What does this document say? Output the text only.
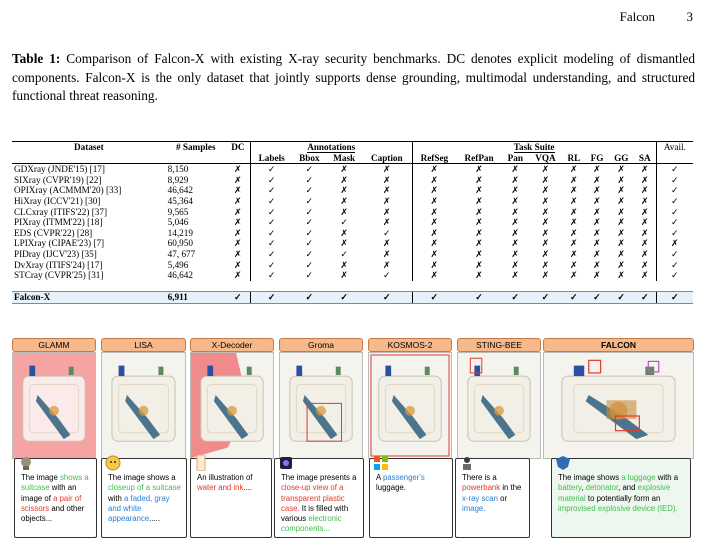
Falcon 3
Table 1: Comparison of Falcon-X with existing X-ray security benchmarks. DC denotes explicit modeling of dismantled components. Falcon-X is the only dataset that jointly supports dense grounding, multimodal understanding, and structured functional threat reasoning.
Dataset	# Samples	DC	Annotations				Task Suite								Avail.
			Labels	Bbox	Mask	Caption	RefSeg	RefPan	Pan	VQA	RL	FG	GG	SA	
GDXray (JNDE'15) [17]	8,150	✗	✓	✓	✗	✗	✗	✗	✗	✗	✗	✗	✗	✗	✓
SIXray (CVPR'19) [22]	8,929	✗	✓	✓	✗	✗	✗	✗	✗	✗	✗	✗	✗	✗	✓
OPIXray (ACMMM'20) [33]	46,642	✗	✓	✓	✗	✗	✗	✗	✗	✗	✗	✗	✗	✗	✓
HiXray (ICCV'21) [30]	45,364	✗	✓	✓	✗	✗	✗	✗	✗	✗	✗	✗	✗	✗	✓
CLCxray (ITIFS'22) [37]	9,565	✗	✓	✓	✗	✗	✗	✗	✗	✗	✗	✗	✗	✗	✓
PIXray (ITMM'22) [18]	5,046	✗	✓	✓	✓	✗	✗	✗	✗	✗	✗	✗	✗	✗	✓
EDS (CVPR'22) [28]	14,219	✗	✓	✓	✗	✓	✗	✗	✗	✗	✗	✗	✗	✗	✓
LPIXray (CIPAE'23) [7]	60,950	✗	✓	✓	✗	✗	✗	✗	✗	✗	✗	✗	✗	✗	✗
PIDray (IJCV'23) [35]	47, 677	✗	✓	✓	✓	✗	✗	✗	✗	✗	✗	✗	✗	✗	✓
DvXray (ITIFS'24) [17]	5,496	✗	✓	✓	✗	✗	✗	✗	✗	✗	✗	✗	✗	✗	✓
STCray (CVPR'25) [31]	46,642	✗	✓	✓	✗	✓	✗	✗	✗	✗	✗	✗	✗	✗	✓

Falcon-X	6,911	✓	✓	✓	✓	✓	✓	✓	✓	✓	✓	✓	✓	✓	✓
GLAMM	LISA	X-Decoder	Groma	KOSMOS-2	STING-BEE	FALCON
The image shows a suitcase with an image of a pair of scissors and other objects...
The image shows a closeup of a suitcase with a faded, gray and white appearance.....
An illustration of water and ink....
The image presents a close-up view of a transparent plastic case. It is filled with various electronic components...
A passenger's luggage.
There is a powerbank in the x-ray scan or image.
The image shows a luggage with a battery, detonator, and explosive material to potentially form an improvised explosive device (IED).
